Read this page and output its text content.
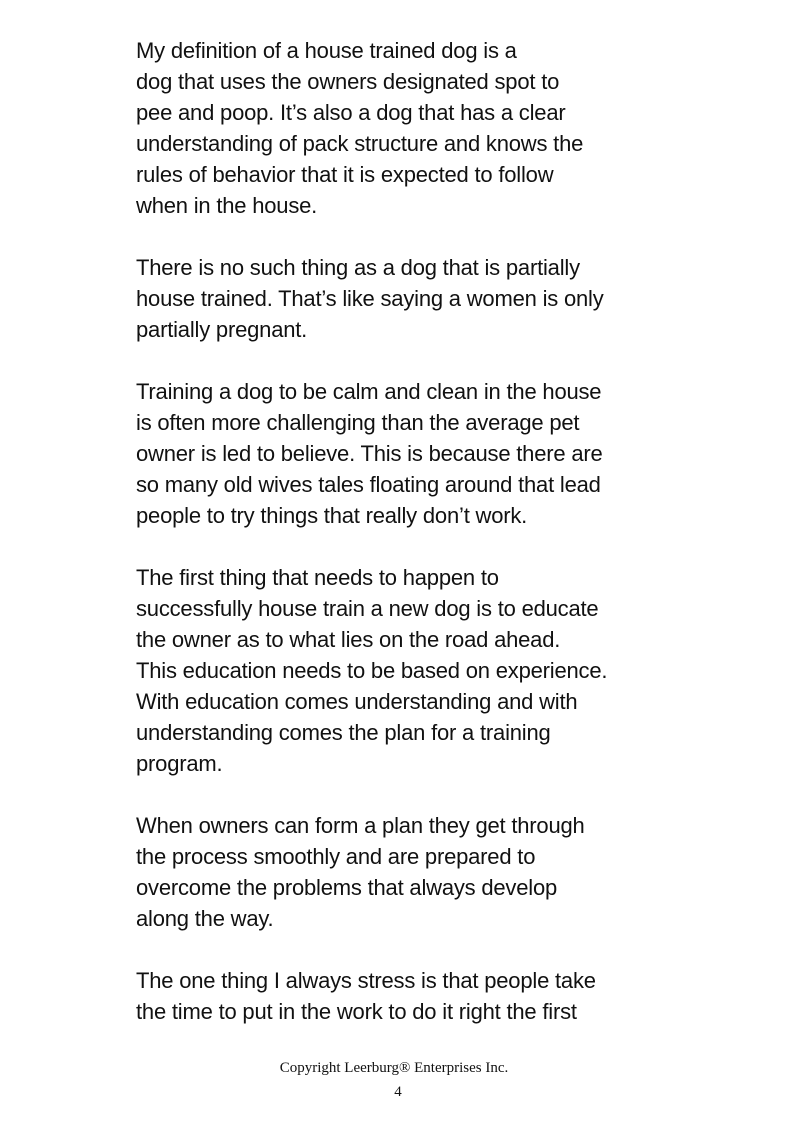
My definition of a house trained dog is a
dog that uses the owners designated spot to
pee and poop. It’s also a dog that has a clear
understanding of pack structure and knows the
rules of behavior that it is expected to follow
when in the house.

There is no such thing as a dog that is partially
house trained. That’s like saying a women is only
partially pregnant.

Training a dog to be calm and clean in the house
is often more challenging than the average pet
owner is led to believe. This is because there are
so many old wives tales floating around that lead
people to try things that really don’t work.

The first thing that needs to happen to
successfully house train a new dog is to educate
the owner as to what lies on the road ahead.
This education needs to be based on experience.
With education comes understanding and with
understanding comes the plan for a training
program.

When owners can form a plan they get through
the process smoothly and are prepared to
overcome the problems that always develop
along the way.

The one thing I always stress is that people take
the time to put in the work to do it right the first

Copyright Leerburg® Enterprises Inc.
4
